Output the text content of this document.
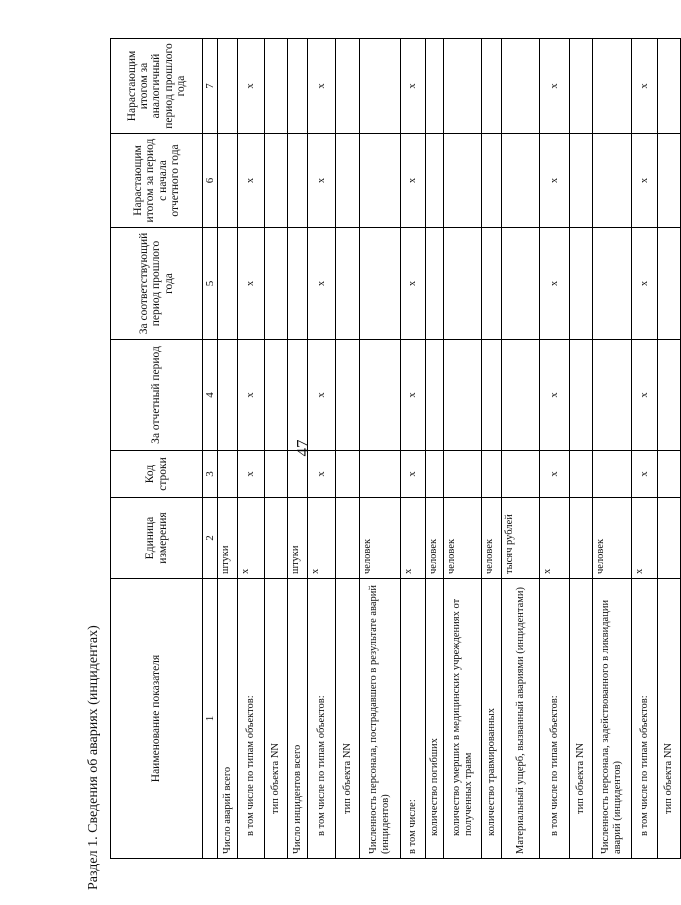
47
Раздел 1. Сведения об авариях (инцидентах)	Наименование показателя	Единица измерения	Код строки	За отчетный период	За соответствующий период прошлого года	Нарастающим итогом за период с начала отчетного года	Нарастающим итогом за аналогичный период прошлого года
1	2	3	4	5	6	7
Число аварий всего	штуки					
в том числе по типам объектов:	х	х	х	х	х	х
тип объекта NN						
Число инцидентов всего	штуки					
в том числе по типам объектов:	х	х	х	х	х	х
тип объекта NN						
Численность персонала, пострадавшего в результате аварий (инцидентов)	человек					
в том числе:	х	х	х	х	х	х
количество погибших	человек					
количество умерших в медицинских учреждениях от полученных травм	человек					
количество травмированных	человек					
Материальный ущерб, вызванный авариями (инцидентами)	тысяч рублей					
в том числе по типам объектов:	х	х	х	х	х	х
тип объекта NN						
Численность персонала, задействованного в ликвидации аварий (инцидентов)	человек					
в том числе по типам объектов:	х	х	х	х	х	х
тип объекта NN						
